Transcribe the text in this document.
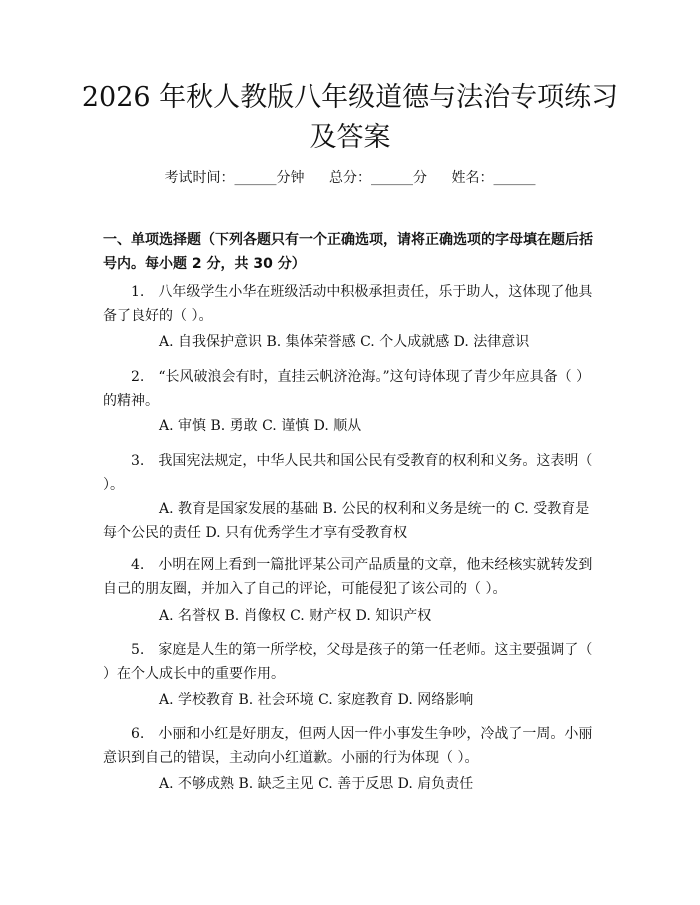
2026 年秋人教版八年级道德与法治专项练习
及答案
考试时间：______分钟 总分：______分 姓名：______
一、单项选择题（下列各题只有一个正确选项，请将正确选项的字母填在题后括号内。每小题 2 分，共 30 分）

1.　八年级学生小华在班级活动中积极承担责任，乐于助人，这体现了他具备了良好的（ ）。

A. 自我保护意识 B. 集体荣誉感 C. 个人成就感 D. 法律意识

2.　“长风破浪会有时，直挂云帆济沧海。”这句诗体现了青少年应具备（ ）的精神。

A. 审慎 B. 勇敢 C. 谨慎 D. 顺从

3.　我国宪法规定，中华人民共和国公民有受教育的权利和义务。这表明（ ）。

A. 教育是国家发展的基础 B. 公民的权利和义务是统一的 C. 受教育是每个公民的责任 D. 只有优秀学生才享有受教育权

4.　小明在网上看到一篇批评某公司产品质量的文章，他未经核实就转发到自己的朋友圈，并加入了自己的评论，可能侵犯了该公司的（ ）。

A. 名誉权 B. 肖像权 C. 财产权 D. 知识产权

5.　家庭是人生的第一所学校，父母是孩子的第一任老师。这主要强调了（ ）在个人成长中的重要作用。

A. 学校教育 B. 社会环境 C. 家庭教育 D. 网络影响

6.　小丽和小红是好朋友，但两人因一件小事发生争吵，冷战了一周。小丽意识到自己的错误，主动向小红道歉。小丽的行为体现（ ）。

A. 不够成熟 B. 缺乏主见 C. 善于反思 D. 肩负责任
